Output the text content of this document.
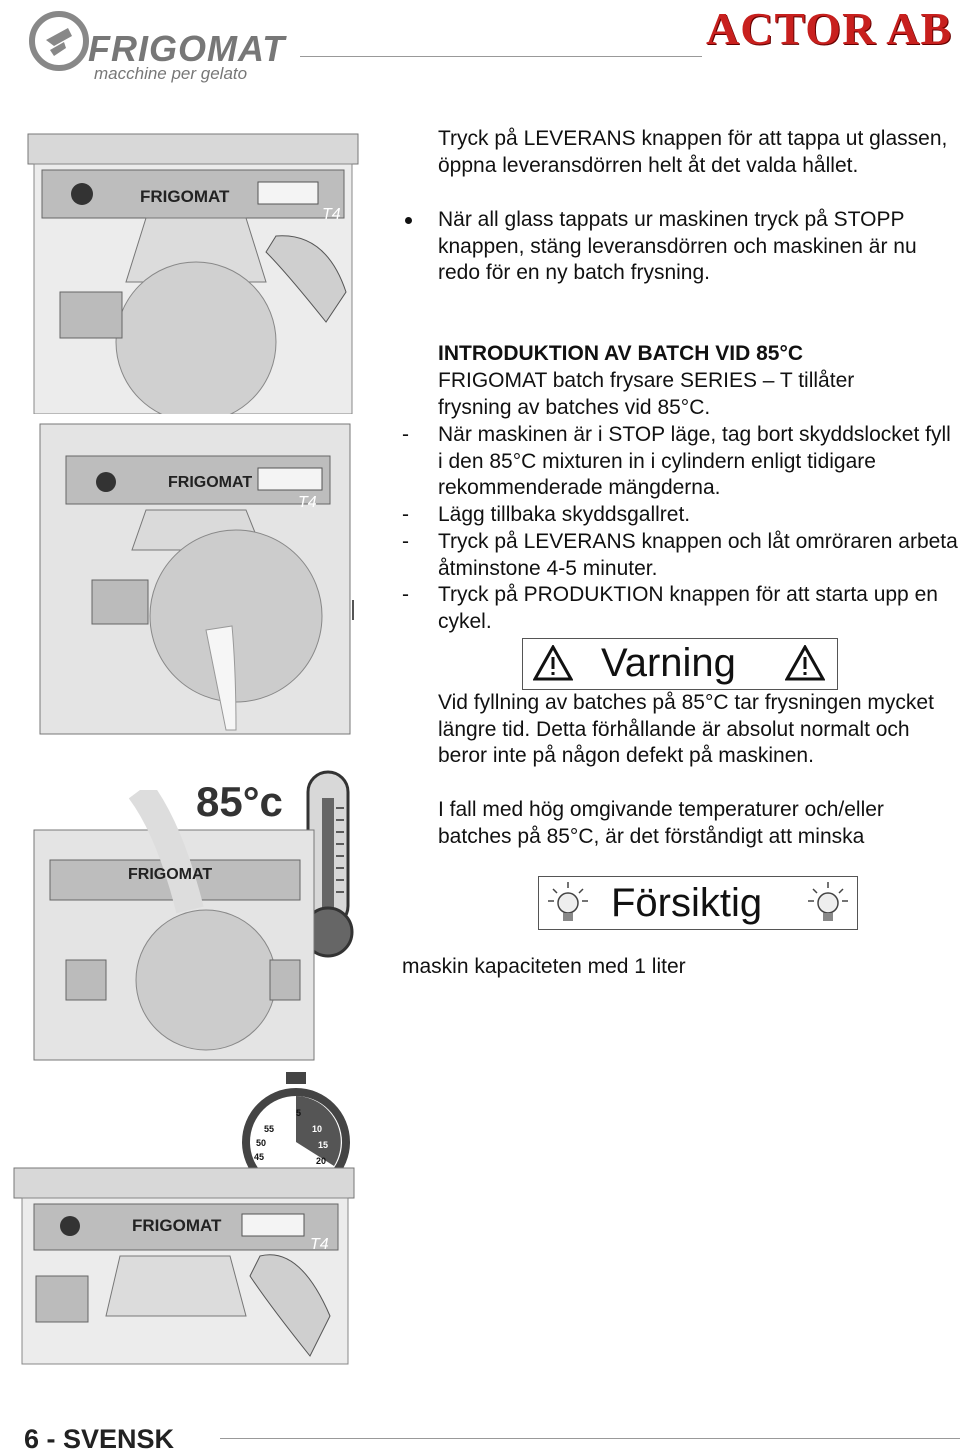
FRIGOMAT
macchine per gelato
ACTOR AB
FRIGOMAT
T4
FRIGOMAT
T4
85°c
FRIGOMAT
55
5
50
10
45
15
20
FRIGOMAT
T4
Tryck på LEVERANS knappen för att tappa ut glassen, öppna leveransdörren helt åt det valda hållet.
När all glass tappats ur maskinen tryck på STOPP knappen, stäng leveransdörren och maskinen är nu redo för en ny batch frysning.
INTRODUKTION AV BATCH VID 85°C
FRIGOMAT batch frysare SERIES – T tillåter frysning av batches vid 85°C.
- När maskinen är i STOP läge, tag bort skyddslocket fyll i den 85°C mixturen in i cylindern enligt tidigare rekommenderade mängderna.
- Lägg tillbaka skyddsgallret.
- Tryck på LEVERANS knappen och låt omröraren arbeta åtminstone 4-5 minuter.
- Tryck på PRODUKTION knappen för att starta upp en cykel.
Varning
Vid fyllning av batches på 85°C tar frysningen mycket längre tid. Detta förhållande är absolut normalt och beror inte på någon defekt på maskinen.
I fall med hög omgivande temperaturer och/eller batches på 85°C, är det förståndigt att minska
Försiktig
maskin kapaciteten med 1 liter
6 - SVENSK
